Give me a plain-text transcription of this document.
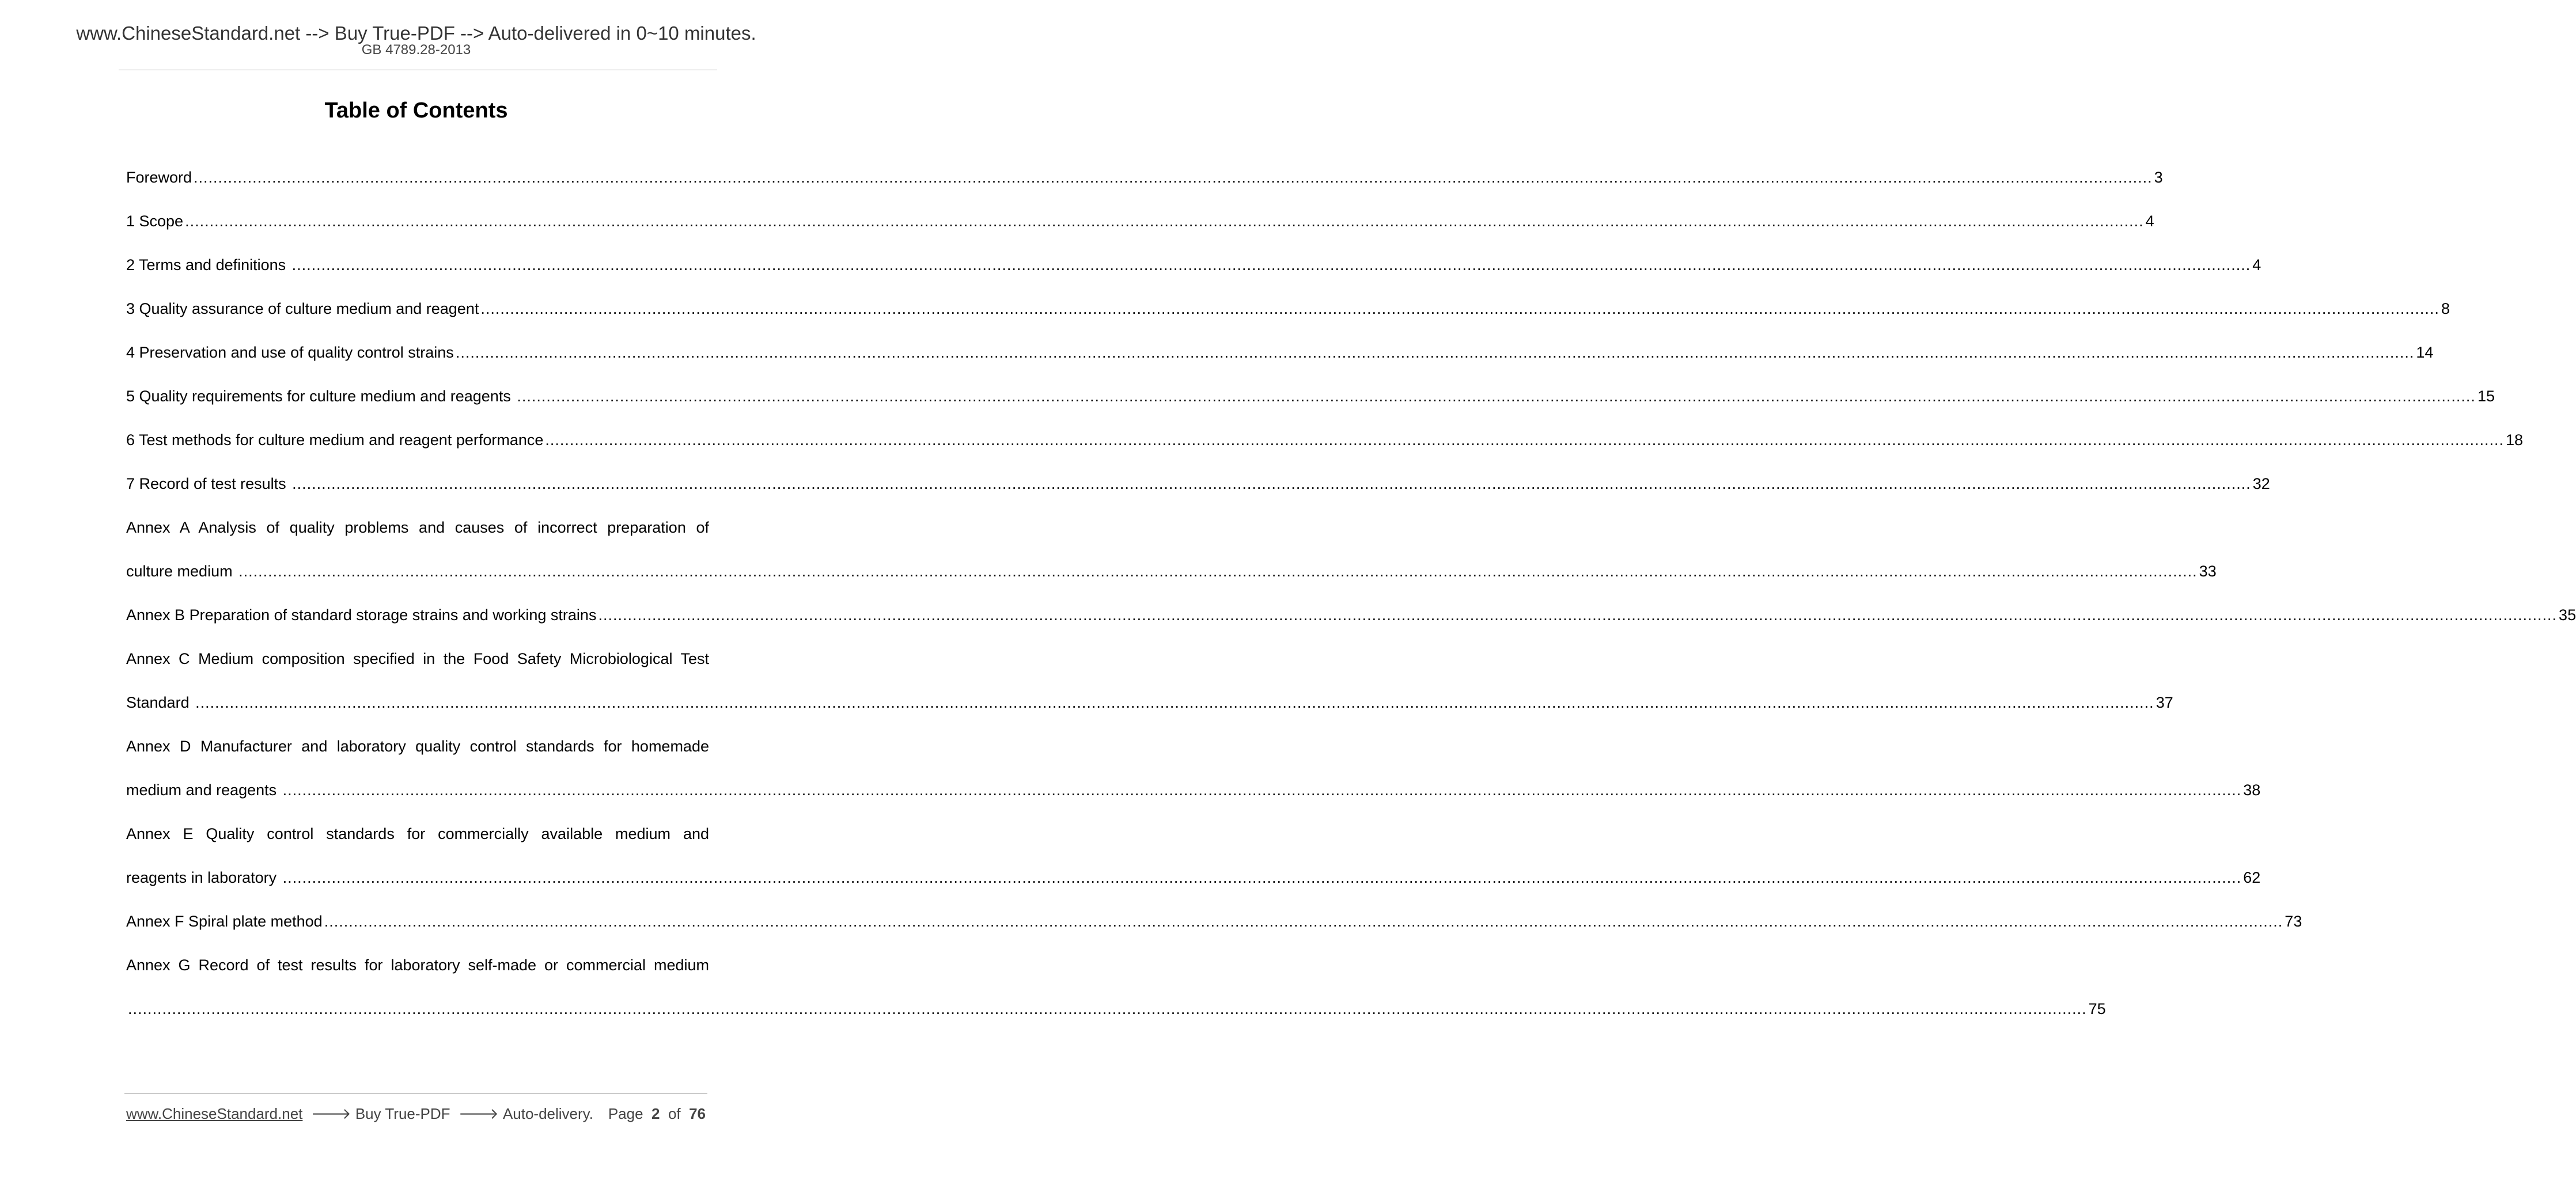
www.ChineseStandard.net --> Buy True-PDF --> Auto-delivered in 0~10 minutes.
GB 4789.28-2013
Table of Contents
Foreword ................................................................................................................................................................................................................................................................................................................................................................................................................ 3
1 Scope ................................................................................................................................................................................................................................................................................................................................................................................................................ 4
2 Terms and definitions ................................................................................................................................................................................................................................................................................................................................................................................................................ 4
3 Quality assurance of culture medium and reagent ................................................................................................................................................................................................................................................................................................................................................................................................................ 8
4 Preservation and use of quality control strains ................................................................................................................................................................................................................................................................................................................................................................................................................ 14
5 Quality requirements for culture medium and reagents ................................................................................................................................................................................................................................................................................................................................................................................................................ 15
6 Test methods for culture medium and reagent performance ................................................................................................................................................................................................................................................................................................................................................................................................................ 18
7 Record of test results ................................................................................................................................................................................................................................................................................................................................................................................................................ 32
Annex A Analysis of quality problems and causes of incorrect preparation of
culture medium ................................................................................................................................................................................................................................................................................................................................................................................................................ 33
Annex B Preparation of standard storage strains and working strains ................................................................................................................................................................................................................................................................................................................................................................................................................ 35
Annex C Medium composition specified in the Food Safety Microbiological Test
Standard ................................................................................................................................................................................................................................................................................................................................................................................................................ 37
Annex D Manufacturer and laboratory quality control standards for homemade
medium and reagents ................................................................................................................................................................................................................................................................................................................................................................................................................ 38
Annex E Quality control standards for commercially available medium and
reagents in laboratory ................................................................................................................................................................................................................................................................................................................................................................................................................ 62
Annex F Spiral plate method ................................................................................................................................................................................................................................................................................................................................................................................................................ 73
Annex G Record of test results for laboratory self-made or commercial medium
................................................................................................................................................................................................................................................................................................................................................................................................................ 75
www.ChineseStandard.net  🡒 Buy True-PDF  🡒 Auto-delivery. Page 2 of 76
